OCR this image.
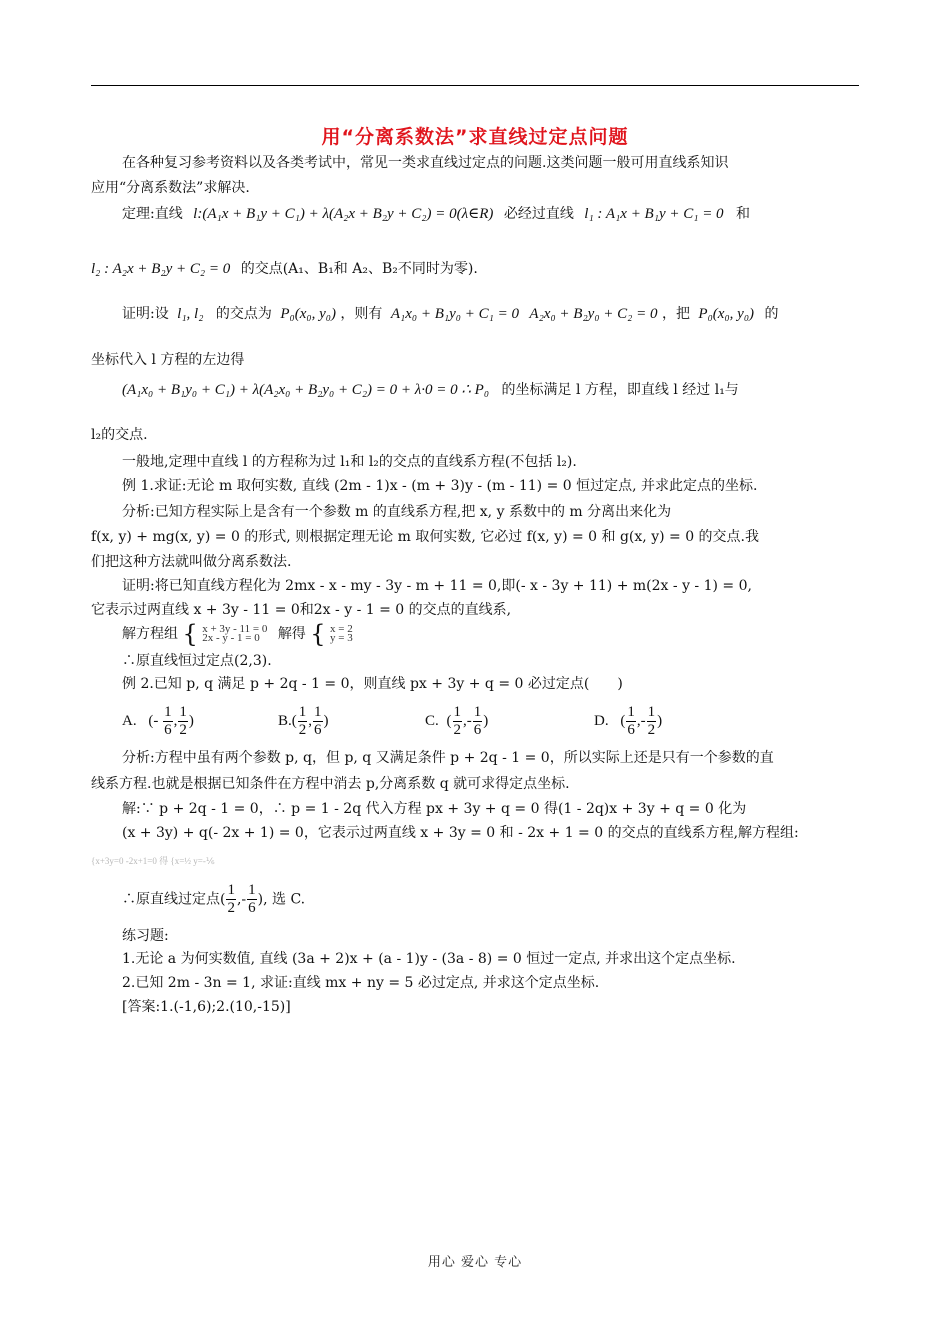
用“分离系数法”求直线过定点问题
在各种复习参考资料以及各类考试中，常见一类求直线过定点的问题.这类问题一般可用直线系知识
应用“分离系数法”求解决.
定理:直线 l:(A₁x + B₁y + C₁) + λ(A₂x + B₂y + C₂) = 0(λ∈R) 必经过直线 l₁ : A₁x + B₁y + C₁ = 0 和
l₂ : A₂x + B₂y + C₂ = 0 的交点(A₁、B₁和 A₂、B₂不同时为零).
证明:设 l₁, l₂ 的交点为 P₀(x₀, y₀) ，则有 A₁x₀ + B₁y₀ + C₁ = 0 A₂x₀ + B₂y₀ + C₂ = 0 ，把 P₀(x₀, y₀) 的
坐标代入 l 方程的左边得
(A₁x₀ + B₁y₀ + C₁) + λ(A₂x₀ + B₂y₀ + C₂) = 0 + λ·0 = 0 ∴ P₀ 的坐标满足 l 方程，即直线 l 经过 l₁与
l₂的交点.
一般地,定理中直线 l 的方程称为过 l₁和 l₂的交点的直线系方程(不包括 l₂).
例 1.求证:无论 m 取何实数, 直线 (2m - 1)x - (m + 3)y - (m - 11) = 0 恒过定点, 并求此定点的坐标.
分析:已知方程实际上是含有一个参数 m 的直线系方程,把 x, y 系数中的 m 分离出来化为
f(x, y) + mg(x, y) = 0 的形式, 则根据定理无论 m 取何实数, 它必过 f(x, y) = 0 和 g(x, y) = 0 的交点.我
们把这种方法就叫做分离系数法.
证明:将已知直线方程化为 2mx - x - my - 3y - m + 11 = 0,即(- x - 3y + 11) + m(2x - y - 1) = 0,
它表示过两直线 x + 3y - 11 = 0和2x - y - 1 = 0 的交点的直线系,
解方程组 { x + 3y - 11 = 0
2x - y - 1 = 0	解得 { x = 2
y = 3
∴原直线恒过定点(2,3).
例 2.已知 p, q 满足 p + 2q - 1 = 0，则直线 px + 3y + q = 0 必过定点(　　)
A. (- $\frac{1}{6}$ , $\frac{1}{2}$ )	$B.( \frac{1}{2}$ , $\frac{1}{6}$ )	C. ( $\frac{1}{2}$ ,- $\frac{1}{6}$ )	D. ( $\frac{1}{6}$ ,- $\frac{1}{2}$ )
分析:方程中虽有两个参数 p, q，但 p, q 又满足条件 p + 2q - 1 = 0，所以实际上还是只有一个参数的直
线系方程.也就是根据已知条件在方程中消去 p,分离系数 q 就可求得定点坐标.
解:∵ p + 2q - 1 = 0，∴ p = 1 - 2q 代入方程 px + 3y + q = 0 得(1 - 2q)x + 3y + q = 0 化为
(x + 3y) + q(- 2x + 1) = 0，它表示过两直线 x + 3y = 0 和 - 2x + 1 = 0 的交点的直线系方程,解方程组:
{x+3y=0 -2x+1=0 得 {x=½ y=-⅙
∴原直线过定点( $\frac{1}{2}$ ,- $\frac{1}{6}$ ), 选 C.
练习题:
1.无论 a 为何实数值, 直线 (3a + 2)x + (a - 1)y - (3a - 8) = 0 恒过一定点, 并求出这个定点坐标.
2.已知 2m - 3n = 1, 求证:直线 mx + ny = 5 必过定点, 并求这个定点坐标.
[答案:1.(-1,6);2.(10,-15)]
用心 爱心 专心
